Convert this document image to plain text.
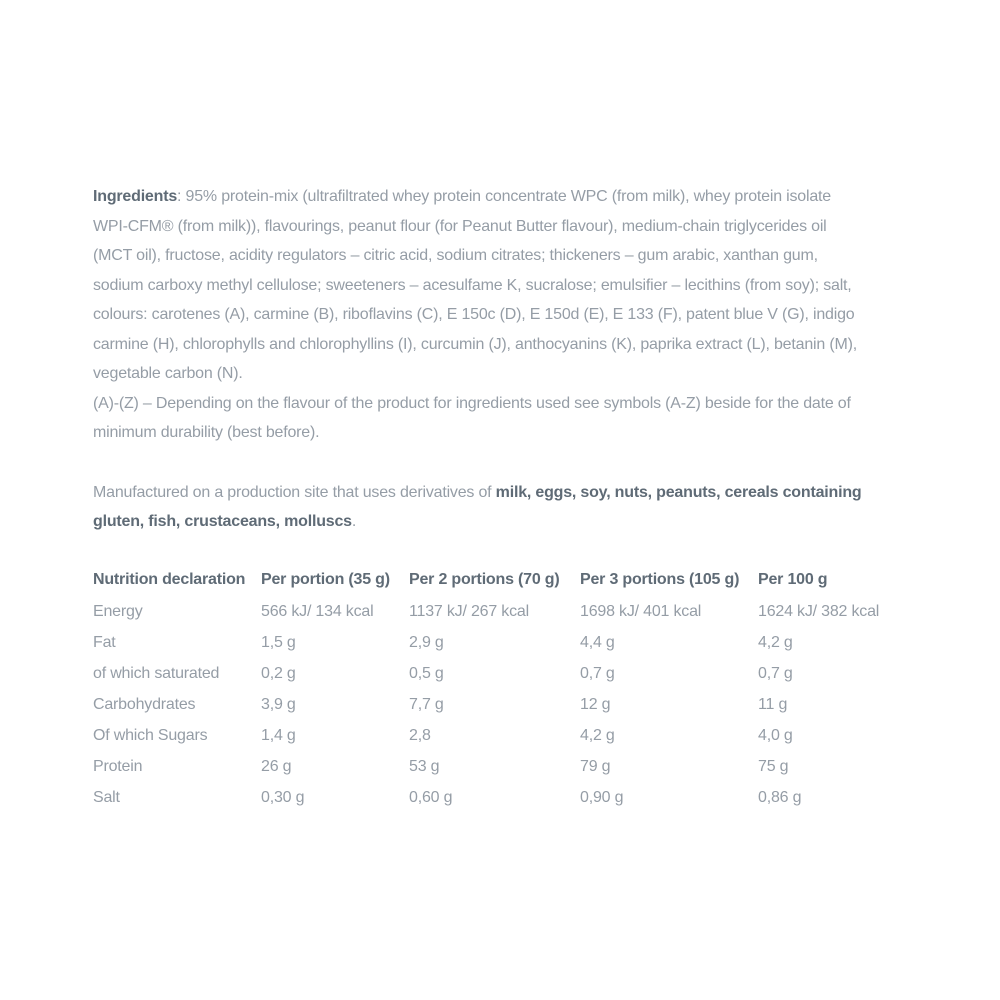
Ingredients: 95% protein-mix (ultrafiltrated whey protein concentrate WPC (from milk), whey protein isolate
WPI-CFM® (from milk)), flavourings, peanut flour (for Peanut Butter flavour), medium-chain triglycerides oil
(MCT oil), fructose, acidity regulators – citric acid, sodium citrates; thickeners – gum arabic, xanthan gum,
sodium carboxy methyl cellulose; sweeteners – acesulfame K, sucralose; emulsifier – lecithins (from soy); salt,
colours: carotenes (A), carmine (B), riboflavins (C), E 150c (D), E 150d (E), E 133 (F), patent blue V (G), indigo
carmine (H), chlorophylls and chlorophyllins (I), curcumin (J), anthocyanins (K), paprika extract (L), betanin (M),
vegetable carbon (N).
(A)-(Z) – Depending on the flavour of the product for ingredients used see symbols (A-Z) beside for the date of
minimum durability (best before).

Manufactured on a production site that uses derivatives of milk, eggs, soy, nuts, peanuts, cereals containing
gluten, fish, crustaceans, molluscs.

Nutrition declaration	Per portion (35 g)	Per 2 portions (70 g)	Per 3 portions (105 g)	Per 100 g
Energy	566 kJ/ 134 kcal	1137 kJ/ 267 kcal	1698 kJ/ 401 kcal	1624 kJ/ 382 kcal
Fat	1,5 g	2,9 g	4,4 g	4,2 g
of which saturated	0,2 g	0,5 g	0,7 g	0,7 g
Carbohydrates	3,9 g	7,7 g	12 g	11 g
Of which Sugars	1,4 g	2,8	4,2 g	4,0 g
Protein	26 g	53 g	79 g	75 g
Salt	0,30 g	0,60 g	0,90 g	0,86 g
